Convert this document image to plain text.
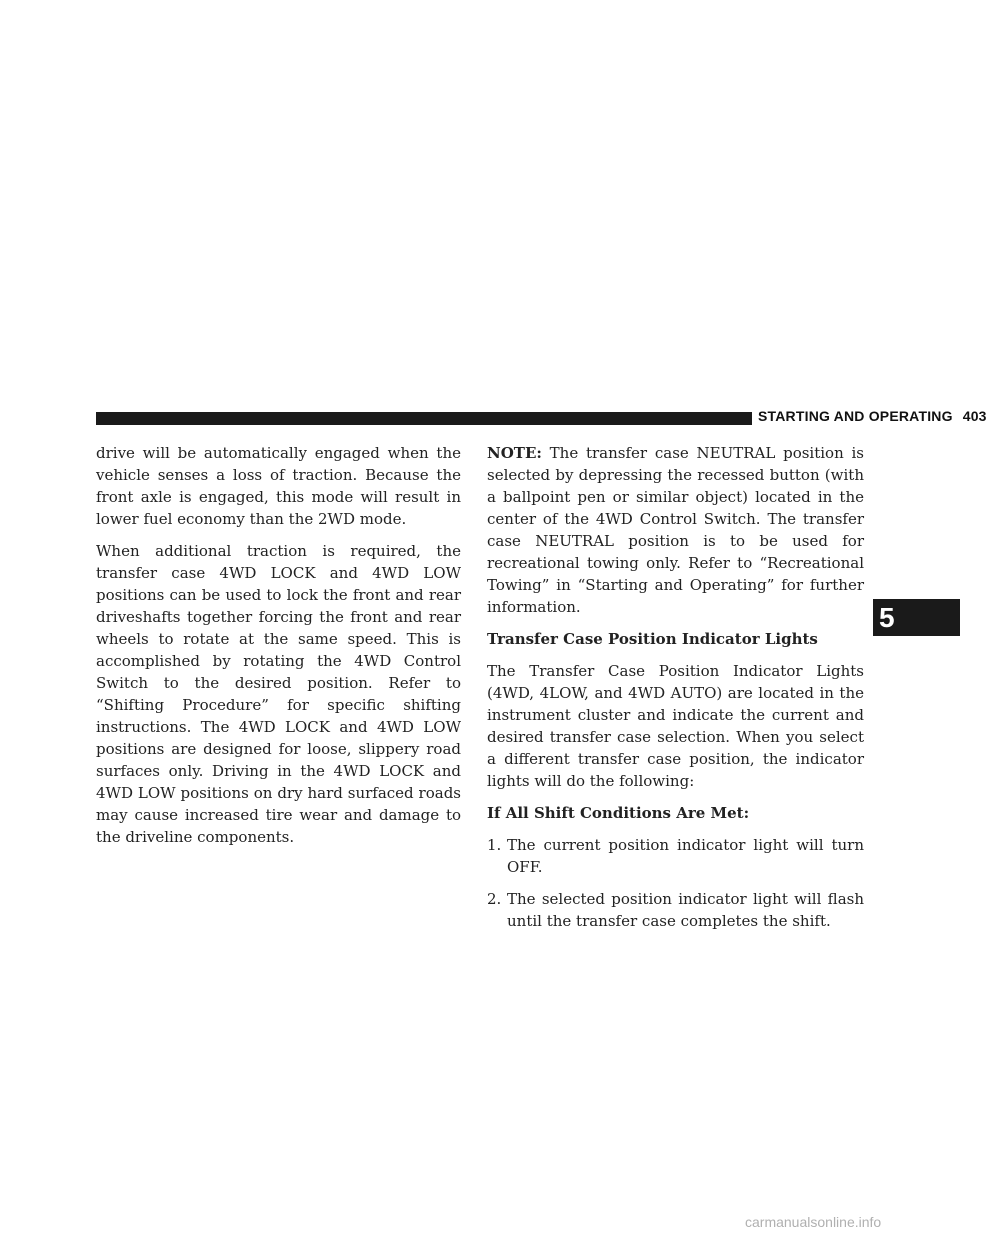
STARTING AND OPERATING 403

drive will be automatically engaged when the vehicle senses a loss of traction. Because the front axle is engaged, this mode will result in lower fuel economy than the 2WD mode.

When additional traction is required, the transfer case 4WD LOCK and 4WD LOW positions can be used to lock the front and rear driveshafts together forcing the front and rear wheels to rotate at the same speed. This is accomplished by rotating the 4WD Control Switch to the desired position. Refer to “Shifting Procedure” for specific shifting instructions. The 4WD LOCK and 4WD LOW positions are designed for loose, slippery road surfaces only. Driving in the 4WD LOCK and 4WD LOW positions on dry hard surfaced roads may cause increased tire wear and damage to the driveline components.

NOTE: The transfer case NEUTRAL position is selected by depressing the recessed button (with a ballpoint pen or similar object) located in the center of the 4WD Control Switch. The transfer case NEUTRAL position is to be used for recreational towing only. Refer to “Recreational Towing” in “Starting and Operating” for further information.

Transfer Case Position Indicator Lights

The Transfer Case Position Indicator Lights (4WD, 4LOW, and 4WD AUTO) are located in the instrument cluster and indicate the current and desired transfer case selection. When you select a different transfer case position, the indicator lights will do the following:

If All Shift Conditions Are Met:

1. The current position indicator light will turn OFF.
2. The selected position indicator light will flash until the transfer case completes the shift.
5
carmanualsonline.info
